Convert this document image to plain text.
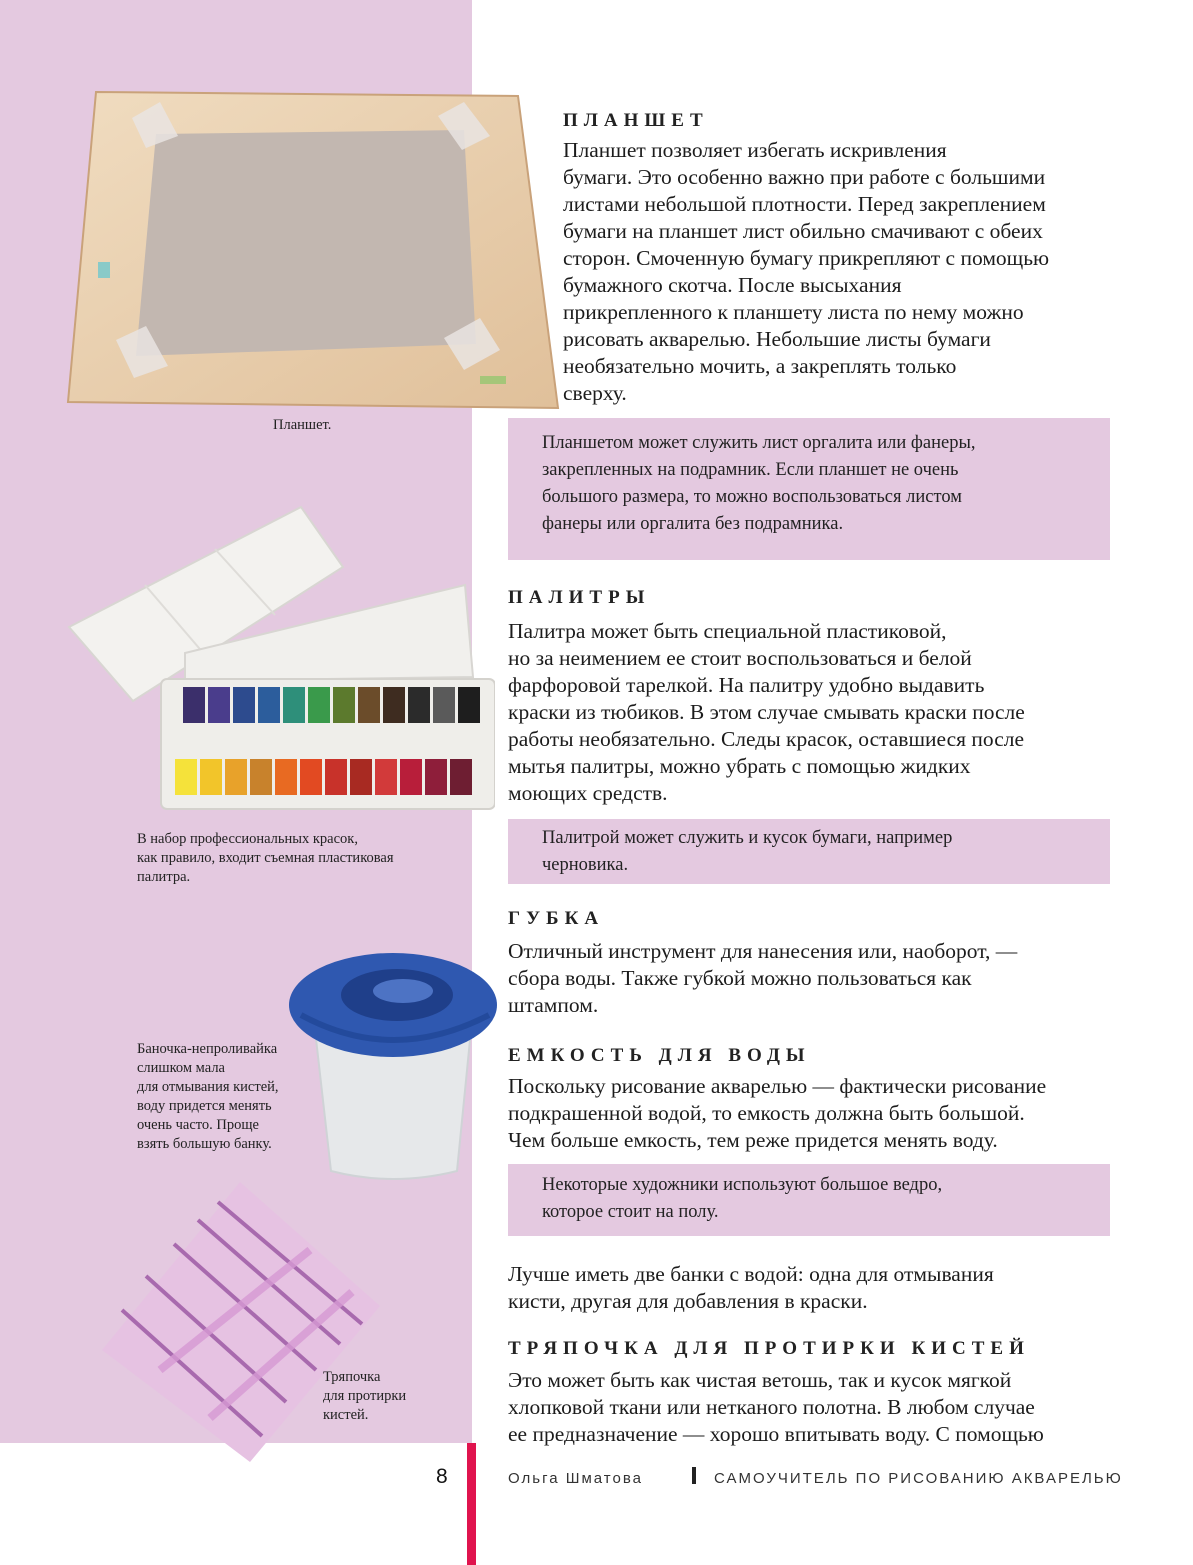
Планшет.
В набор профессиональных красок,
как правило, входит съемная пластиковая
палитра.
Баночка-непроливайка
слишком мала
для отмывания кистей,
воду придется менять
очень часто. Проще
взять большую банку.
Тряпочка
для протирки
кистей.
ПЛАНШЕТ
Планшет позволяет избегать искривления
бумаги. Это особенно важно при работе с большими
листами небольшой плотности. Перед закреплением
бумаги на планшет лист обильно смачивают с обеих
сторон. Смоченную бумагу прикрепляют с помощью
бумажного скотча. После высыхания
прикрепленного к планшету листа по нему можно
рисовать акварелью. Небольшие листы бумаги
необязательно мочить, а закреплять только
сверху.
Планшетом может служить лист оргалита или фанеры,
закрепленных на подрамник. Если планшет не очень
большого размера, то можно воспользоваться листом
фанеры или оргалита без подрамника.
ПАЛИТРЫ
Палитра может быть специальной пластиковой,
но за неимением ее стоит воспользоваться и белой
фарфоровой тарелкой. На палитру удобно выдавить
краски из тюбиков. В этом случае смывать краски после
работы необязательно. Следы красок, оставшиеся после
мытья палитры, можно убрать с помощью жидких
моющих средств.
Палитрой может служить и кусок бумаги, например
черновика.
ГУБКА
Отличный инструмент для нанесения или, наоборот, —
сбора воды. Также губкой можно пользоваться как
штампом.
ЕМКОСТЬ ДЛЯ ВОДЫ
Поскольку рисование акварелью — фактически рисование
подкрашенной водой, то емкость должна быть большой.
Чем больше емкость, тем реже придется менять воду.
Некоторые художники используют большое ведро,
которое стоит на полу.
Лучше иметь две банки с водой: одна для отмывания
кисти, другая для добавления в краски.
ТРЯПОЧКА ДЛЯ ПРОТИРКИ КИСТЕЙ
Это может быть как чистая ветошь, так и кусок мягкой
хлопковой ткани или нетканого полотна. В любом случае
ее предназначение — хорошо впитывать воду. С помощью
8	Ольга Шматова	САМОУЧИТЕЛЬ ПО РИСОВАНИЮ АКВАРЕЛЬЮ
